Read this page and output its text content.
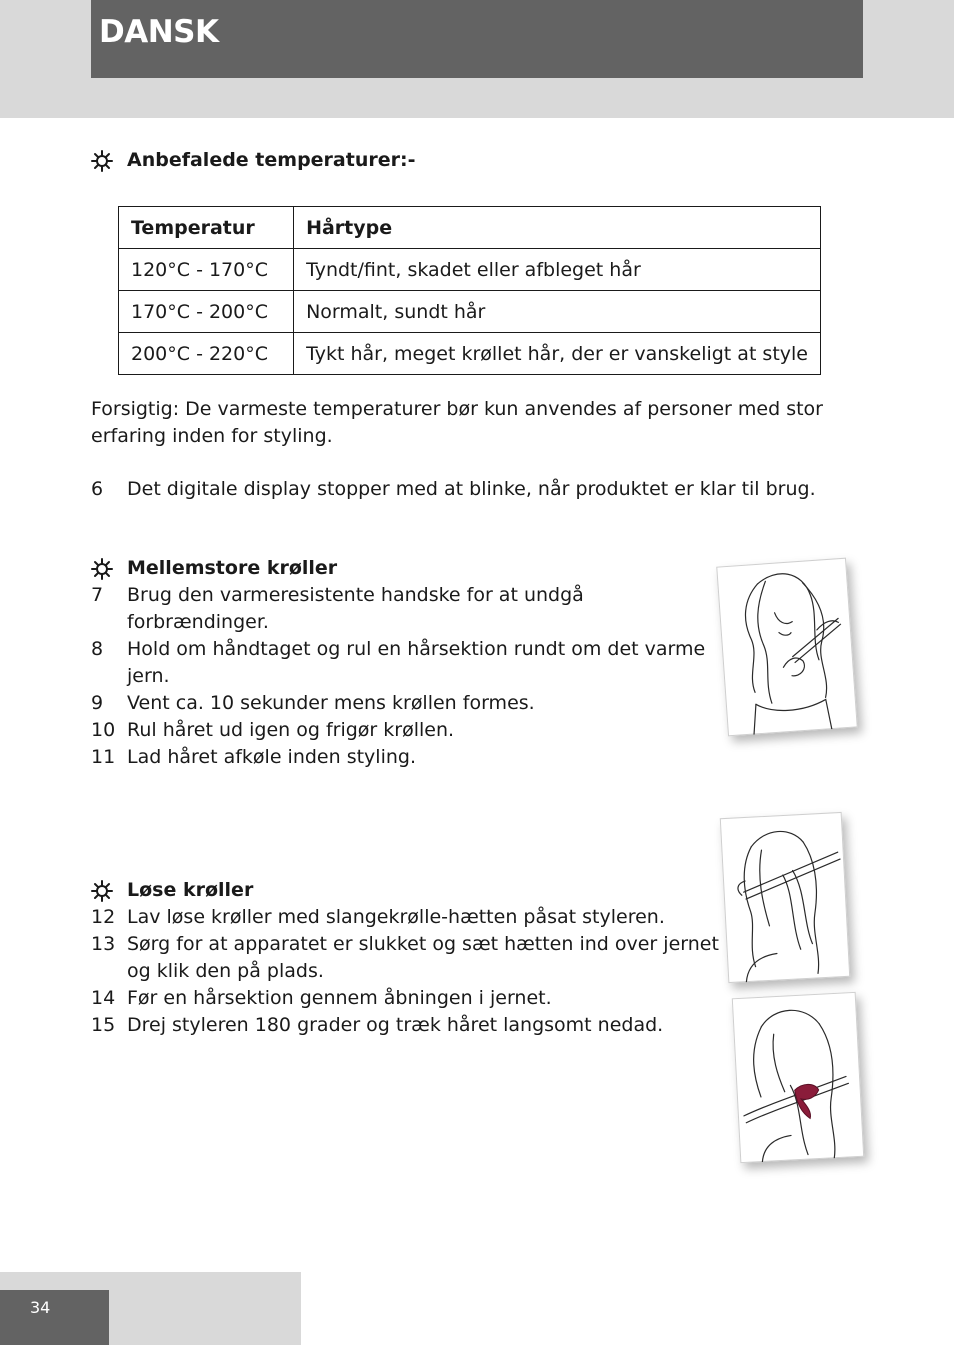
DANSK
Anbefalede temperaturer:-
Temperatur	Hårtype
120°C - 170°C	Tyndt/fint, skadet eller afbleget hår
170°C - 200°C	Normalt, sundt hår
200°C - 220°C	Tykt hår, meget krøllet hår, der er vanskeligt at style
Forsigtig: De varmeste temperaturer bør kun anvendes af personer med stor
erfaring inden for styling.
6 Det digitale display stopper med at blinke, når produktet er klar til brug.
Mellemstore krøller
7 Brug den varmeresistente handske for at undgå
forbrændinger.
8 Hold om håndtaget og rul en hårsektion rundt om det varme
jern.
9 Vent ca. 10 sekunder mens krøllen formes.
10 Rul håret ud igen og frigør krøllen.
11 Lad håret afkøle inden styling.
Løse krøller
12 Lav løse krøller med slangekrølle-hætten påsat styleren.
13 Sørg for at apparatet er slukket og sæt hætten ind over jernet
og klik den på plads.
14 Før en hårsektion gennem åbningen i jernet.
15 Drej styleren 180 grader og træk håret langsomt nedad.
34
